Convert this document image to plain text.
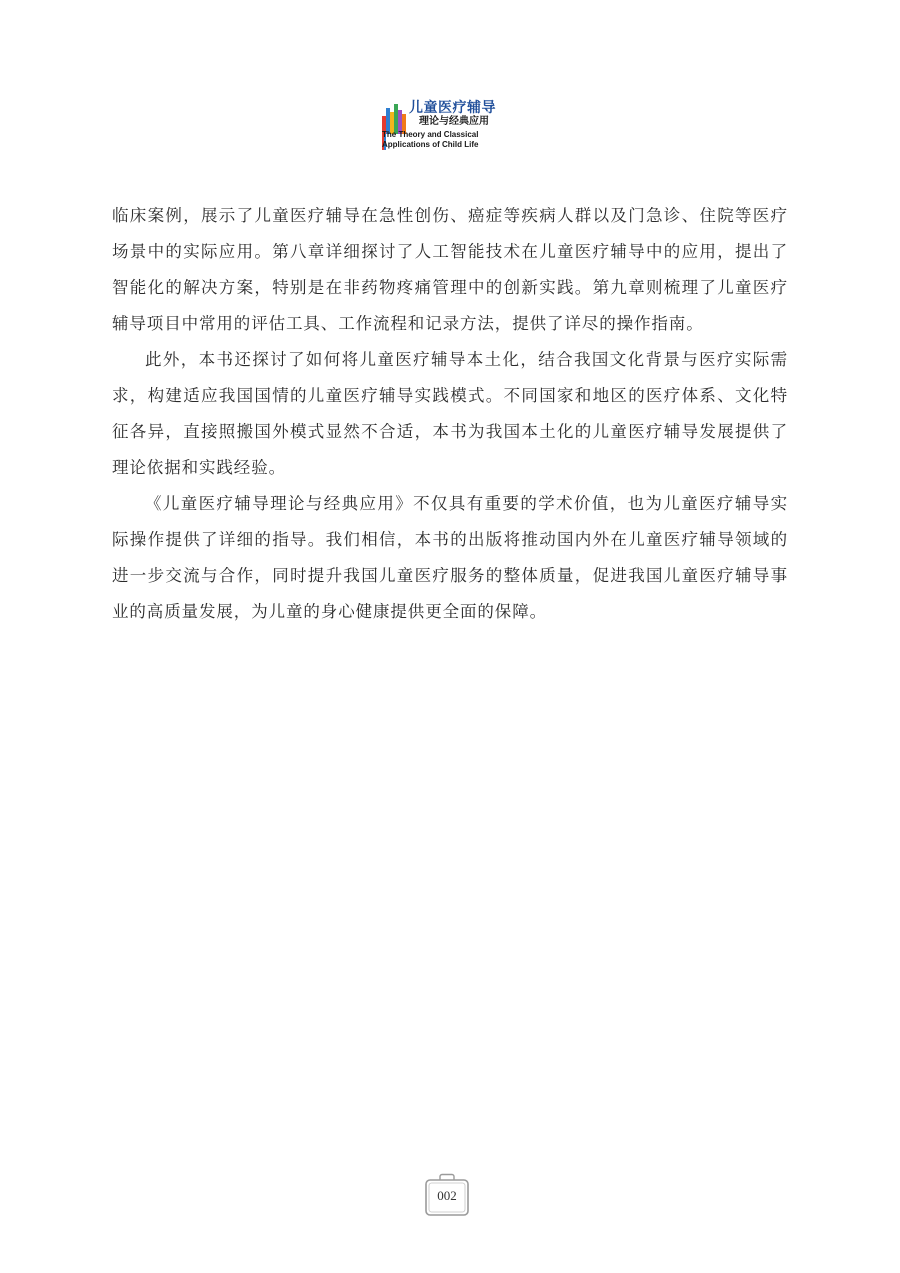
儿童医疗辅导
理论与经典应用
The Theory and Classical
Applications of Child Life

临床案例，展示了儿童医疗辅导在急性创伤、癌症等疾病人群以及门急诊、住院等医疗场景中的实际应用。第八章详细探讨了人工智能技术在儿童医疗辅导中的应用，提出了智能化的解决方案，特别是在非药物疼痛管理中的创新实践。第九章则梳理了儿童医疗辅导项目中常用的评估工具、工作流程和记录方法，提供了详尽的操作指南。

此外，本书还探讨了如何将儿童医疗辅导本土化，结合我国文化背景与医疗实际需求，构建适应我国国情的儿童医疗辅导实践模式。不同国家和地区的医疗体系、文化特征各异，直接照搬国外模式显然不合适，本书为我国本土化的儿童医疗辅导发展提供了理论依据和实践经验。

《儿童医疗辅导理论与经典应用》不仅具有重要的学术价值，也为儿童医疗辅导实际操作提供了详细的指导。我们相信，本书的出版将推动国内外在儿童医疗辅导领域的进一步交流与合作，同时提升我国儿童医疗服务的整体质量，促进我国儿童医疗辅导事业的高质量发展，为儿童的身心健康提供更全面的保障。

002
